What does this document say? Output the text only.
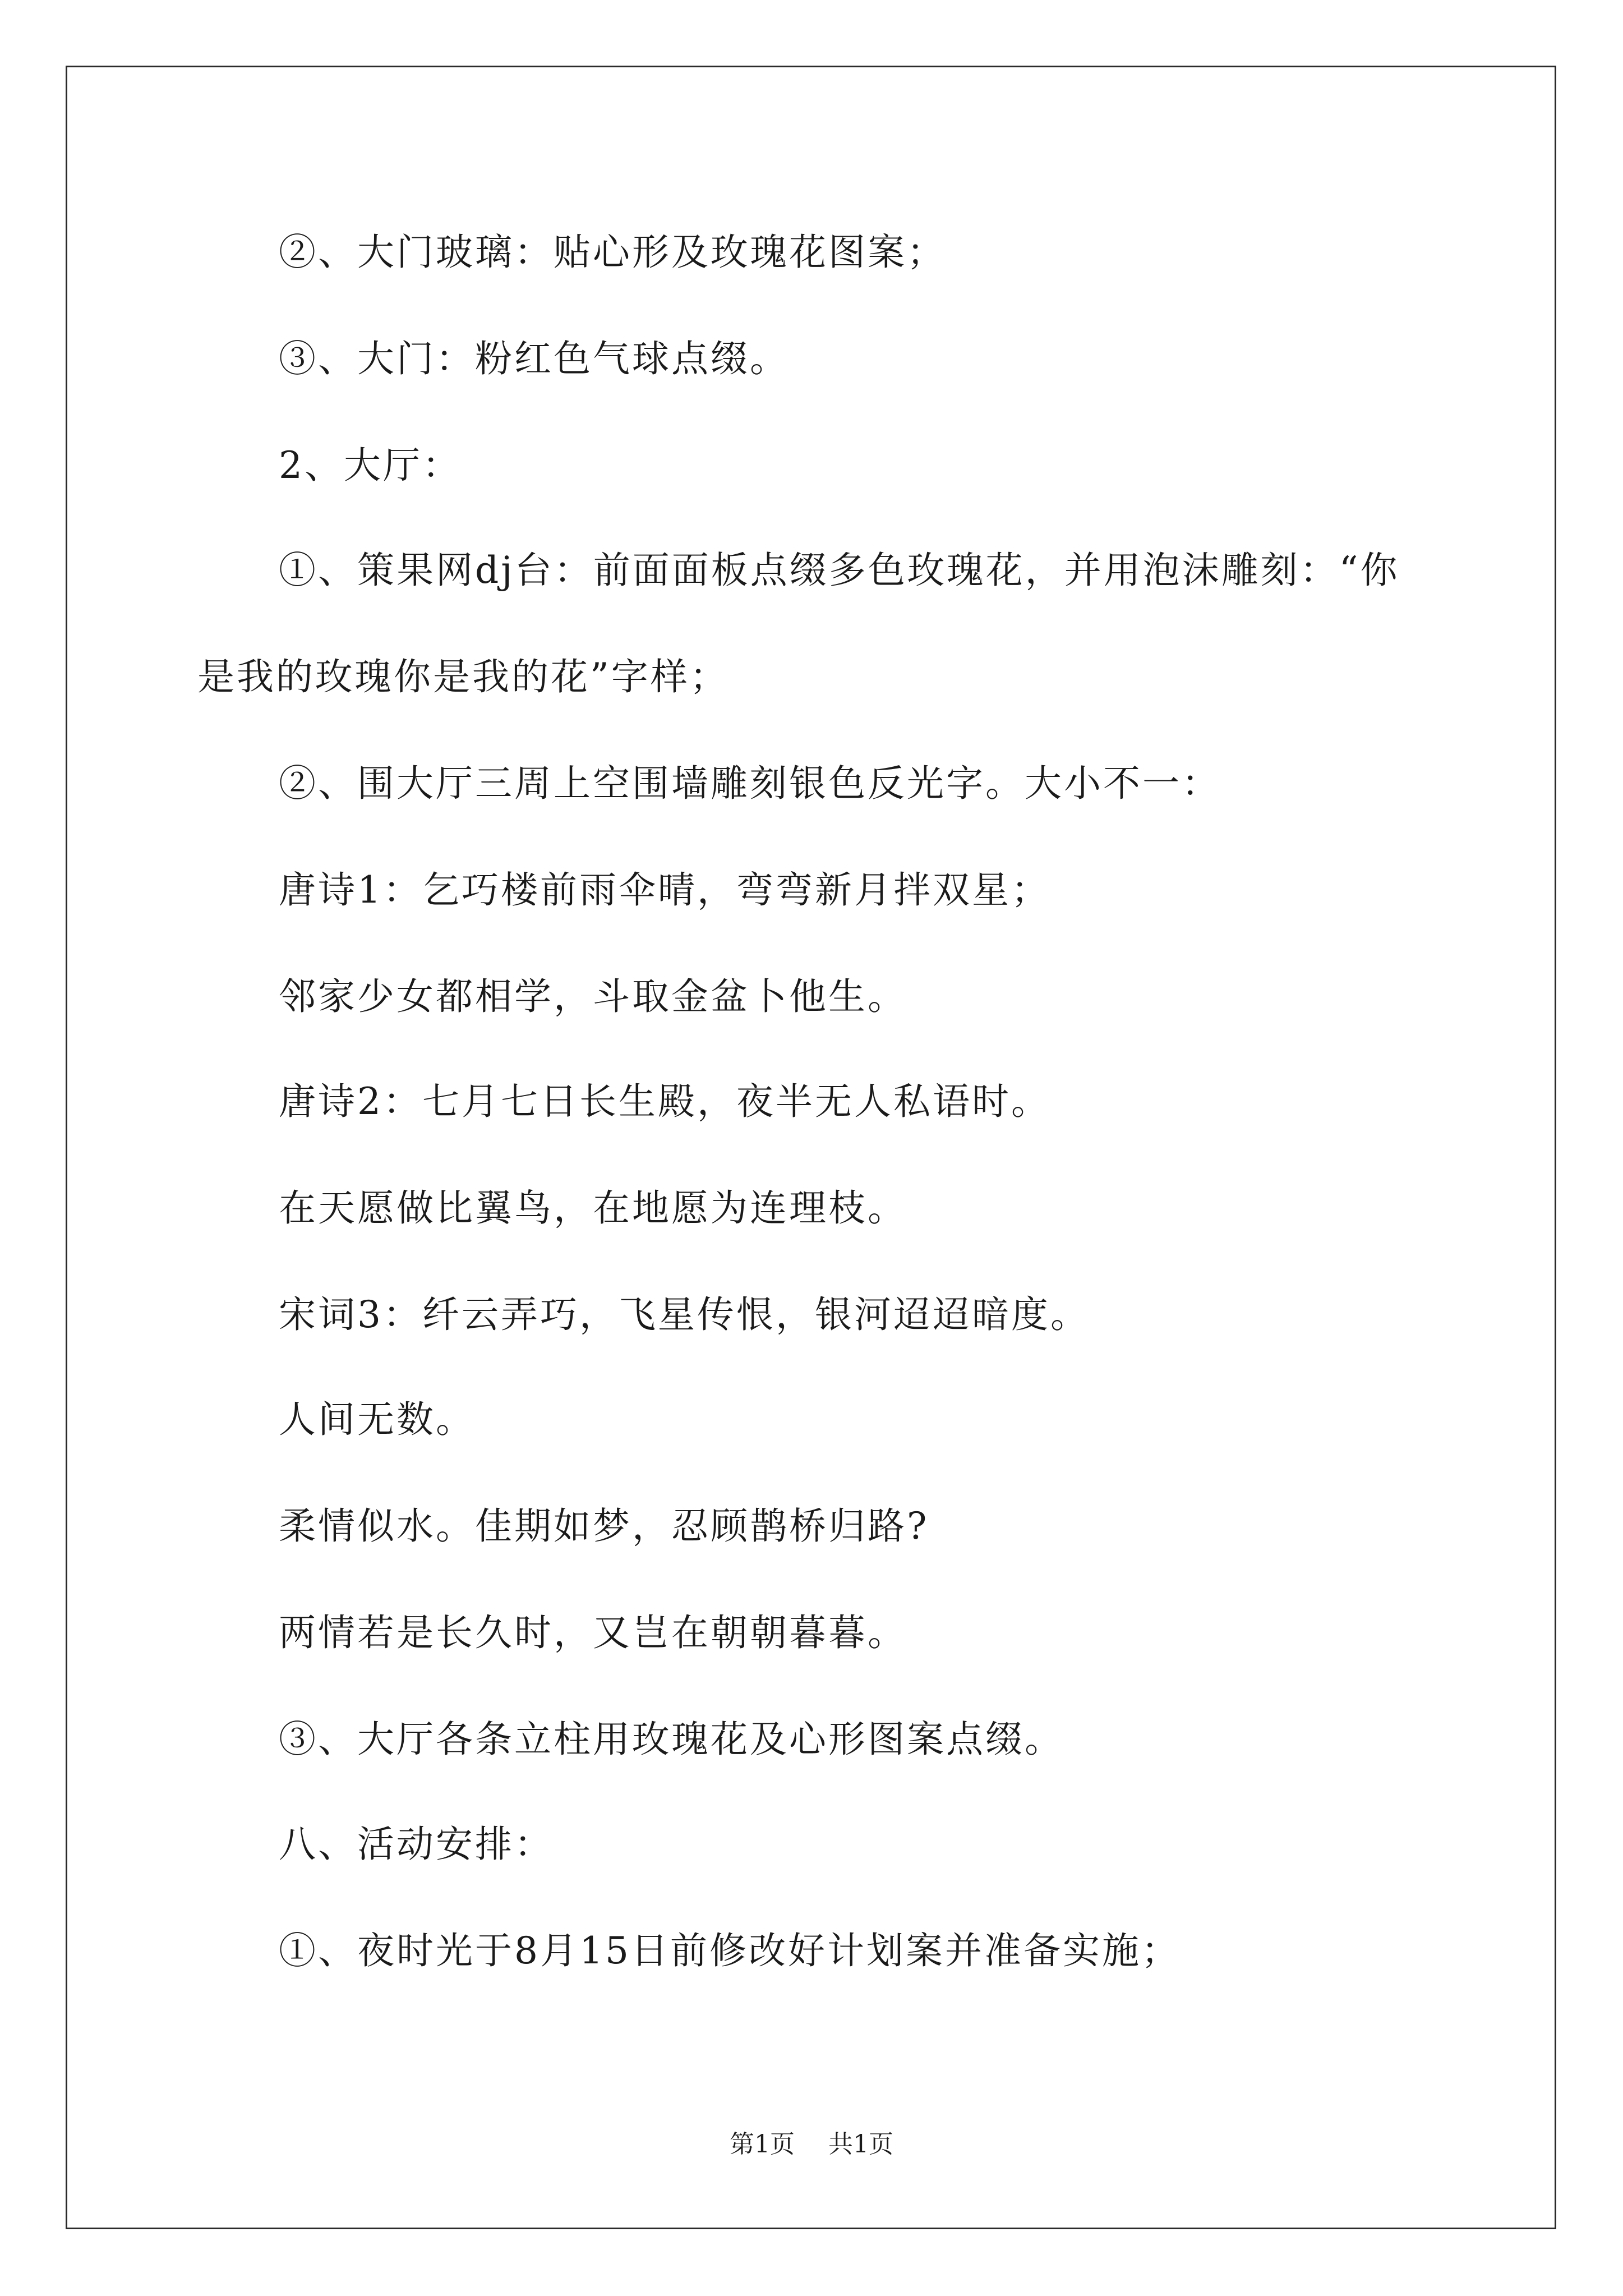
②、大门玻璃：贴心形及玫瑰花图案；
③、大门：粉红色气球点缀。
2、大厅：
①、策果网dj台：前面面板点缀多色玫瑰花，并用泡沫雕刻：“你
是我的玫瑰你是我的花”字样；
②、围大厅三周上空围墙雕刻银色反光字。大小不一：
唐诗1：乞巧楼前雨伞晴，弯弯新月拌双星；
邻家少女都相学，斗取金盆卜他生。
唐诗2：七月七日长生殿，夜半无人私语时。
在天愿做比翼鸟，在地愿为连理枝。
宋词3：纤云弄巧，飞星传恨，银河迢迢暗度。
人间无数。
柔情似水。佳期如梦，忍顾鹊桥归路?
两情若是长久时，又岂在朝朝暮暮。
③、大厅各条立柱用玫瑰花及心形图案点缀。
八、活动安排：
①、夜时光于8月15日前修改好计划案并准备实施；
第1页 共1页
